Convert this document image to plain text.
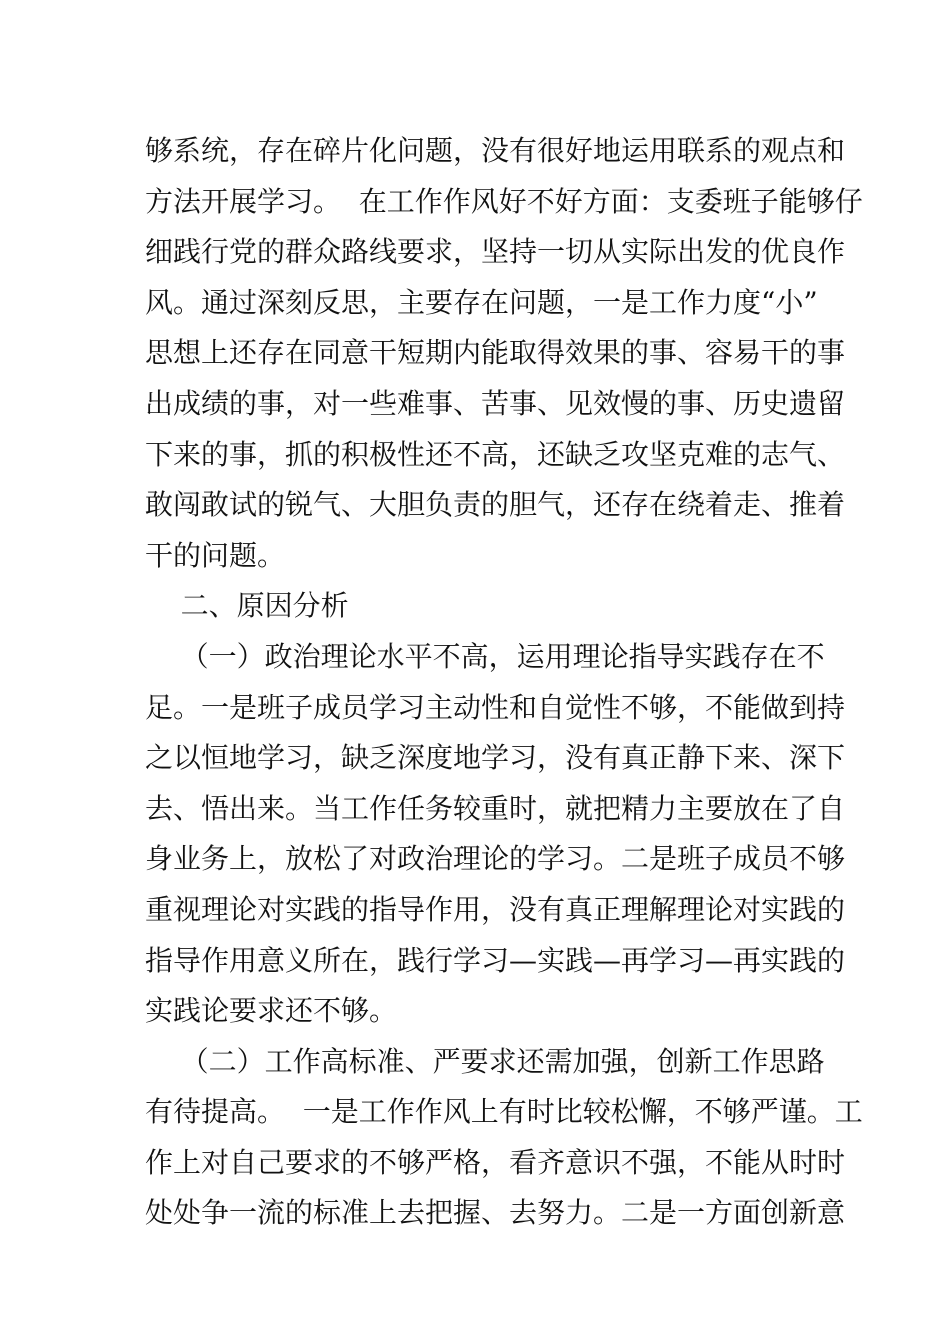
够系统，存在碎片化问题，没有很好地运用联系的观点和
方法开展学习。  在工作作风好不好方面：支委班子能够仔
细践行党的群众路线要求，坚持一切从实际出发的优良作
风。通过深刻反思，主要存在问题，一是工作力度“小”
思想上还存在同意干短期内能取得效果的事、容易干的事
出成绩的事，对一些难事、苦事、见效慢的事、历史遗留
下来的事，抓的积极性还不高，还缺乏攻坚克难的志气、
敢闯敢试的锐气、大胆负责的胆气，还存在绕着走、推着
干的问题。
二、原因分析
（一）政治理论水平不高，运用理论指导实践存在不
足。一是班子成员学习主动性和自觉性不够，不能做到持
之以恒地学习，缺乏深度地学习，没有真正静下来、深下
去、悟出来。当工作任务较重时，就把精力主要放在了自
身业务上，放松了对政治理论的学习。二是班子成员不够
重视理论对实践的指导作用，没有真正理解理论对实践的
指导作用意义所在，践行学习—实践—再学习—再实践的
实践论要求还不够。
（二）工作高标准、严要求还需加强，创新工作思路
有待提高。  一是工作作风上有时比较松懈，不够严谨。工
作上对自己要求的不够严格，看齐意识不强，不能从时时
处处争一流的标准上去把握、去努力。二是一方面创新意
